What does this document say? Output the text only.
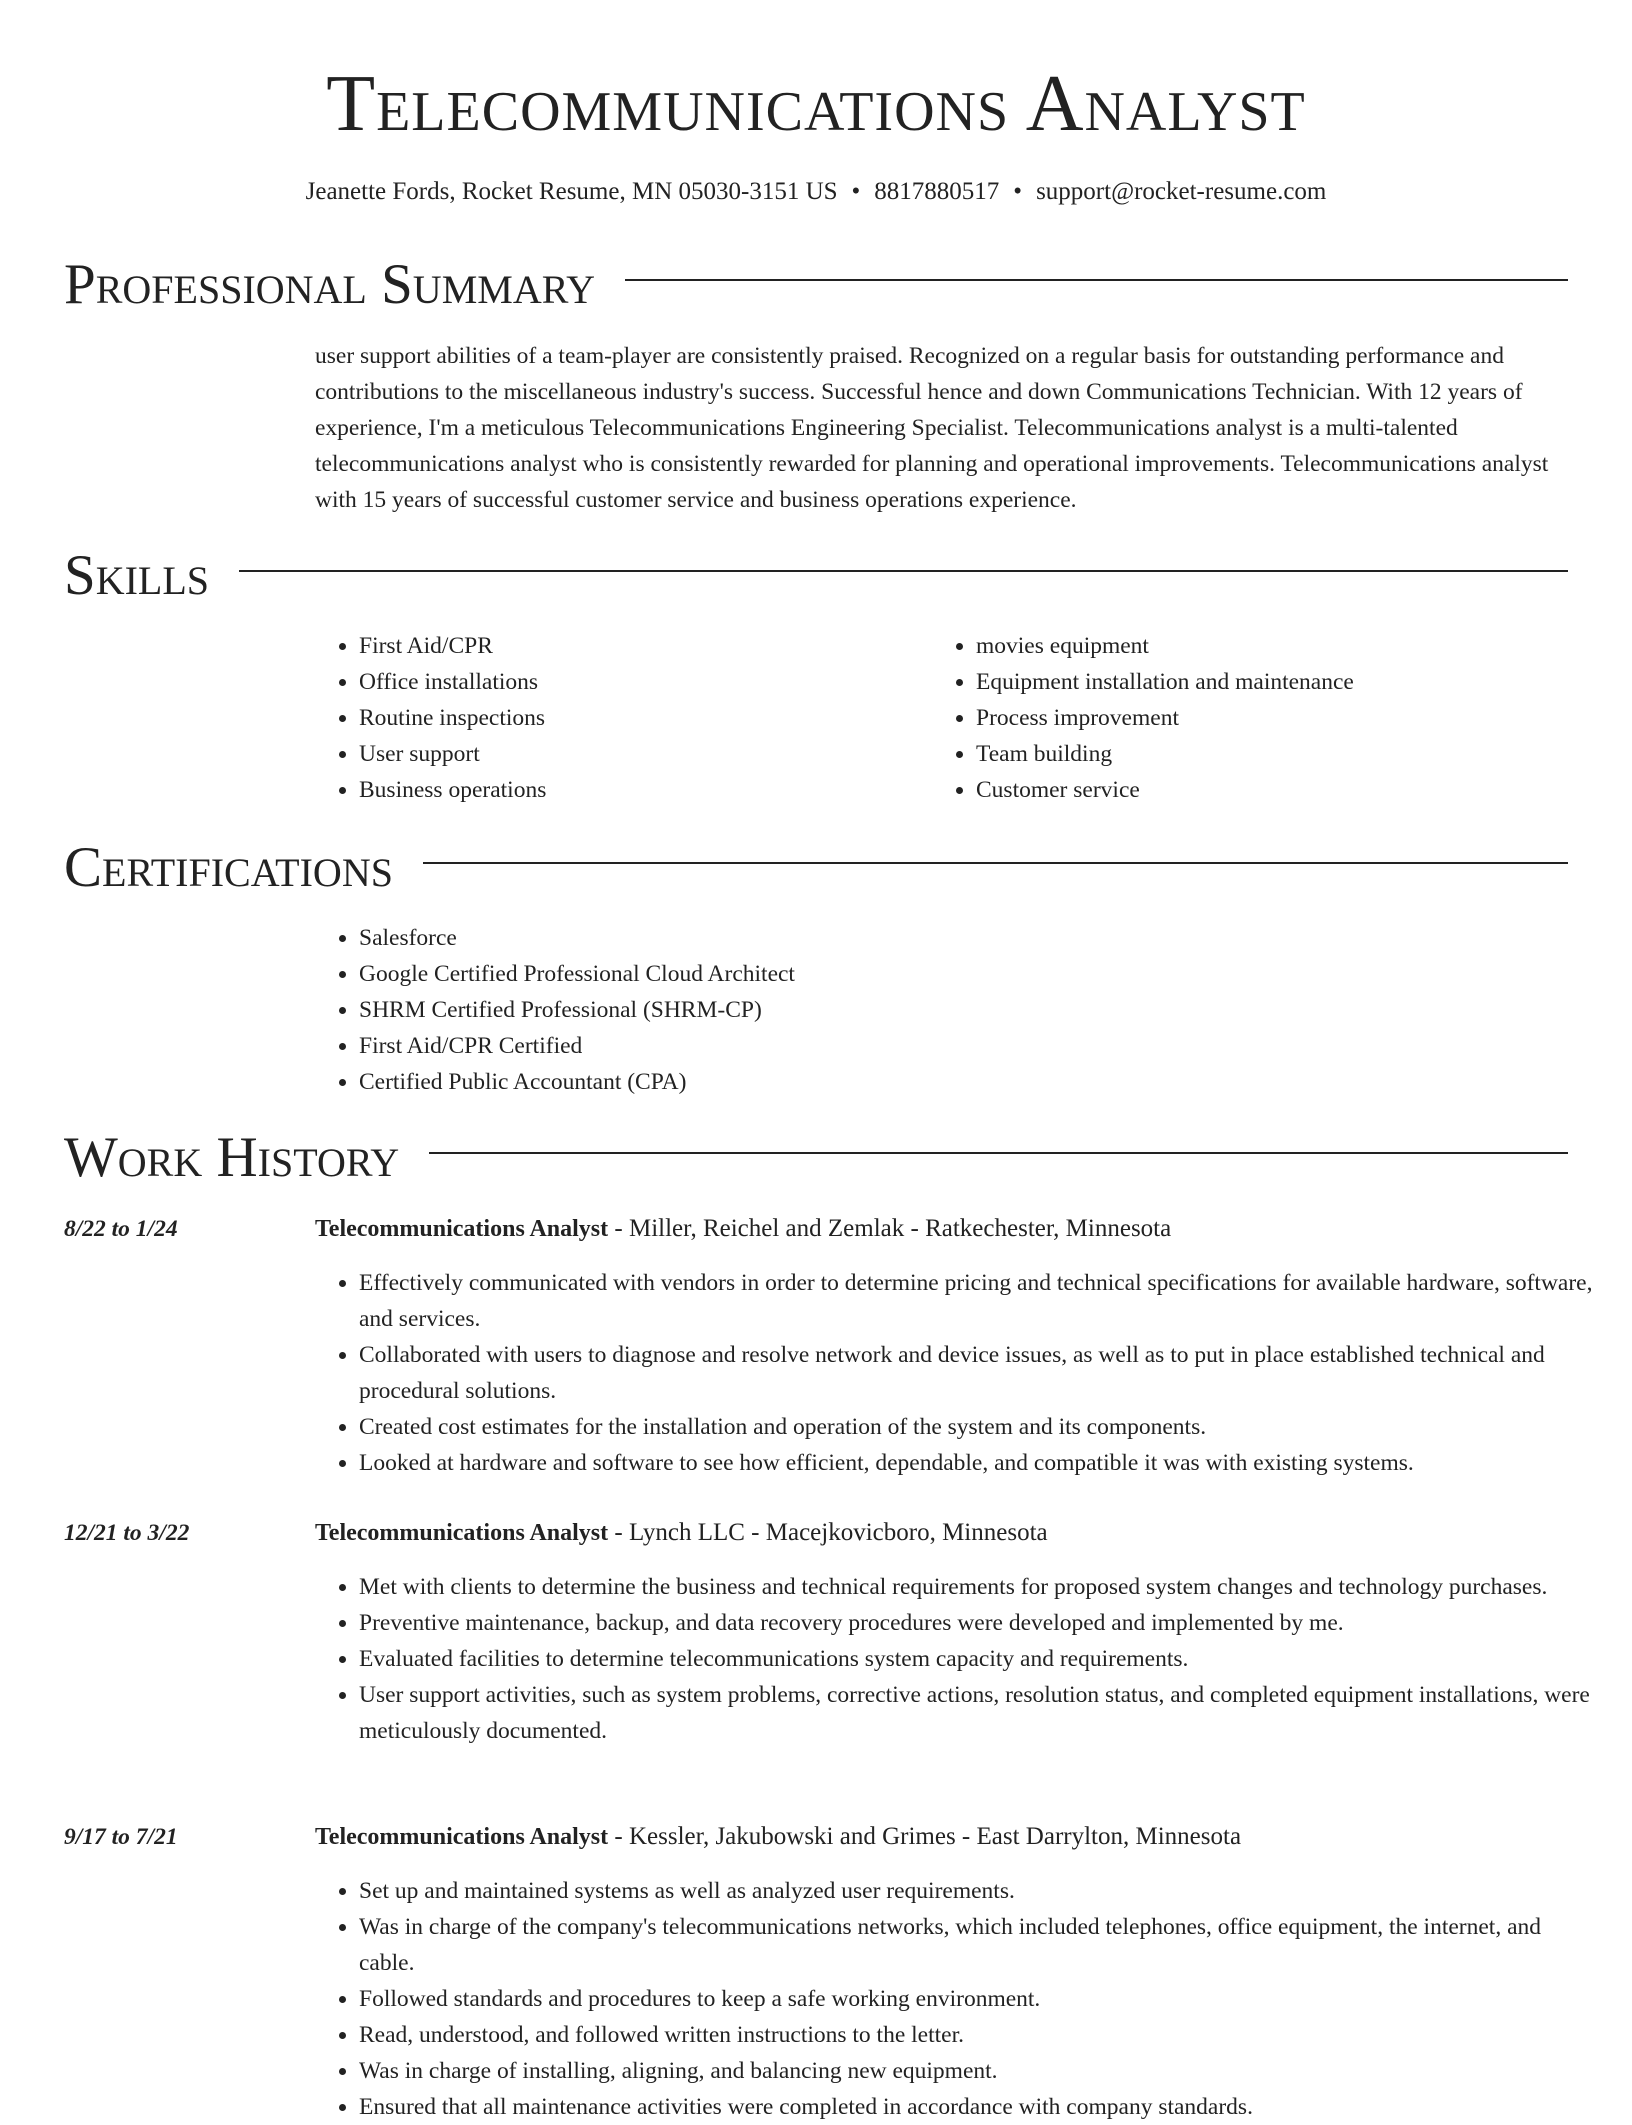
Telecommunications Analyst
Jeanette Fords, Rocket Resume, MN 05030-3151 US • 8817880517 • support@rocket-resume.com
Professional Summary
user support abilities of a team-player are consistently praised. Recognized on a regular basis for outstanding performance and contributions to the miscellaneous industry's success. Successful hence and down Communications Technician. With 12 years of experience, I'm a meticulous Telecommunications Engineering Specialist. Telecommunications analyst is a multi-talented telecommunications analyst who is consistently rewarded for planning and operational improvements. Telecommunications analyst with 15 years of successful customer service and business operations experience.
Skills
• First Aid/CPR
• Office installations
• Routine inspections
• User support
• Business operations
• movies equipment
• Equipment installation and maintenance
• Process improvement
• Team building
• Customer service
Certifications
• Salesforce
• Google Certified Professional Cloud Architect
• SHRM Certified Professional (SHRM-CP)
• First Aid/CPR Certified
• Certified Public Accountant (CPA)
Work History
8/22 to 1/24	Telecommunications Analyst - Miller, Reichel and Zemlak - Ratkechester, Minnesota
• Effectively communicated with vendors in order to determine pricing and technical specifications for available hardware, software, and services.
• Collaborated with users to diagnose and resolve network and device issues, as well as to put in place established technical and procedural solutions.
• Created cost estimates for the installation and operation of the system and its components.
• Looked at hardware and software to see how efficient, dependable, and compatible it was with existing systems.
12/21 to 3/22	Telecommunications Analyst - Lynch LLC - Macejkovicboro, Minnesota
• Met with clients to determine the business and technical requirements for proposed system changes and technology purchases.
• Preventive maintenance, backup, and data recovery procedures were developed and implemented by me.
• Evaluated facilities to determine telecommunications system capacity and requirements.
• User support activities, such as system problems, corrective actions, resolution status, and completed equipment installations, were meticulously documented.
9/17 to 7/21	Telecommunications Analyst - Kessler, Jakubowski and Grimes - East Darrylton, Minnesota
• Set up and maintained systems as well as analyzed user requirements.
• Was in charge of the company's telecommunications networks, which included telephones, office equipment, the internet, and cable.
• Followed standards and procedures to keep a safe working environment.
• Read, understood, and followed written instructions to the letter.
• Was in charge of installing, aligning, and balancing new equipment.
• Ensured that all maintenance activities were completed in accordance with company standards.
